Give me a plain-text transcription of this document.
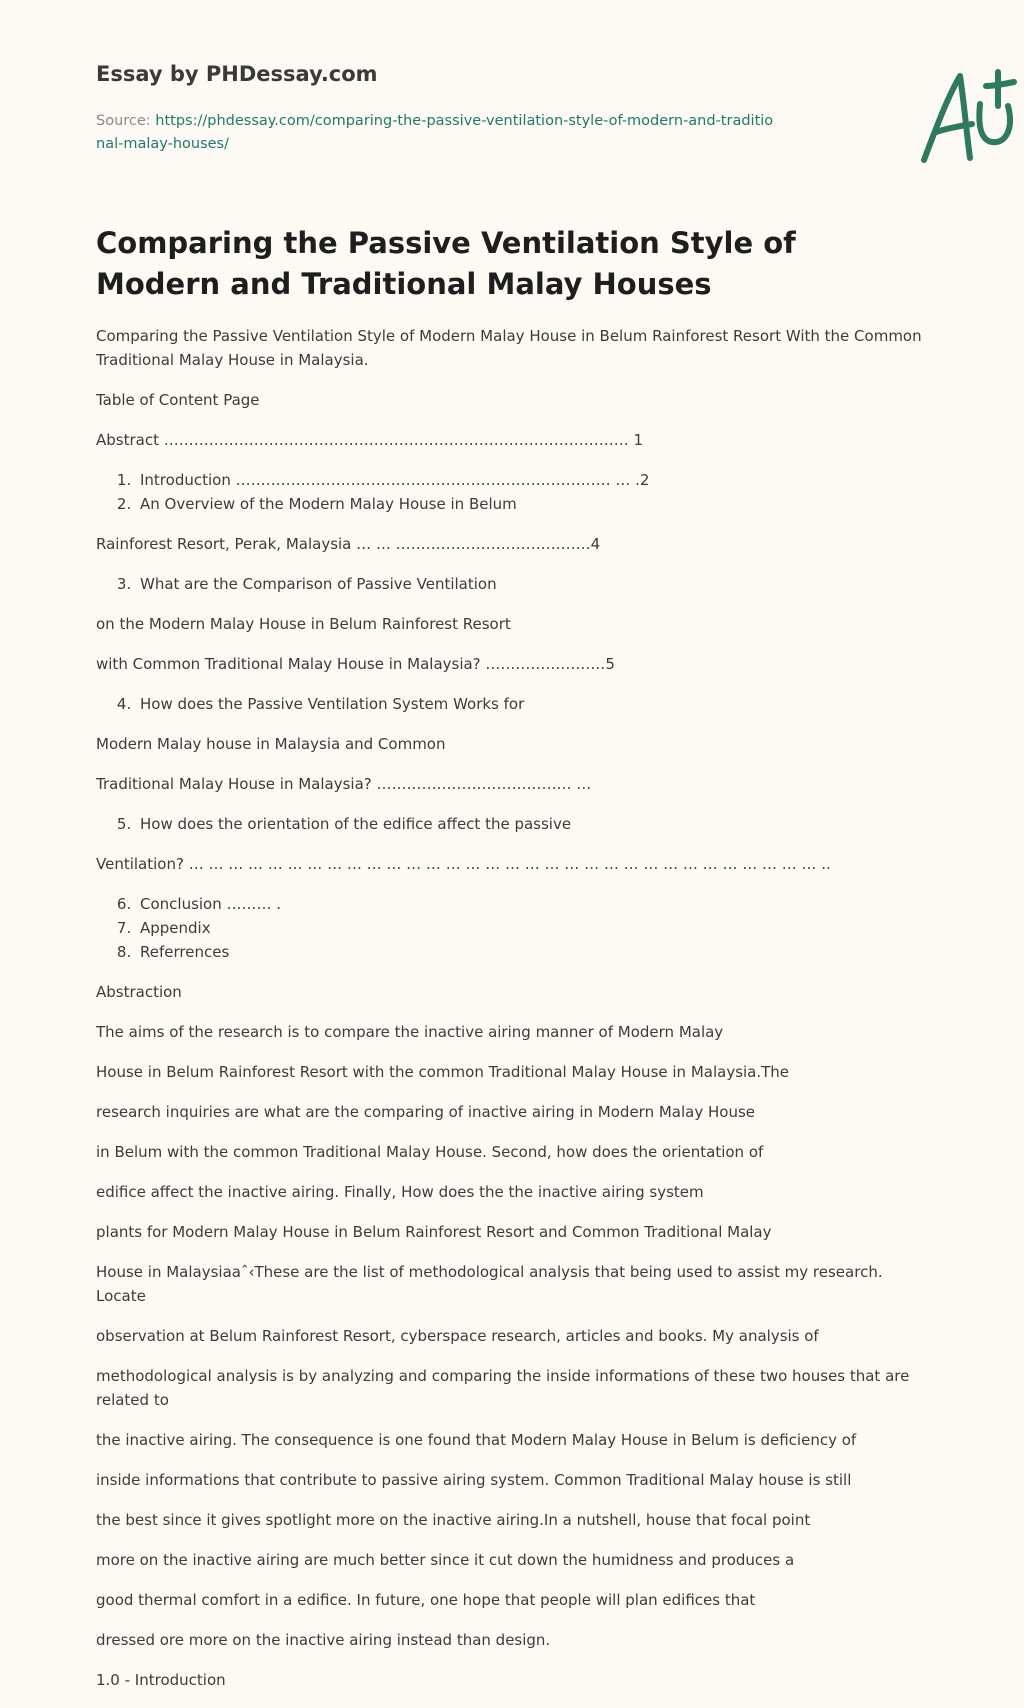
Essay by PHDessay.com

Source: https://phdessay.com/comparing-the-passive-ventilation-style-of-modern-and-traditional-malay-houses/
Comparing the Passive Ventilation Style of Modern and Traditional Malay Houses

Comparing the Passive Ventilation Style of Modern Malay House in Belum Rainforest Resort With the Common Traditional Malay House in Malaysia.

Table of Content Page

Abstract ………………………………………………………………………………… 1

1. Introduction ………………………………………………………………… … .2
2. An Overview of the Modern Malay House in Belum

Rainforest Resort, Perak, Malaysia … … …………………………………4

3. What are the Comparison of Passive Ventilation

on the Modern Malay House in Belum Rainforest Resort

with Common Traditional Malay House in Malaysia? ……………………5

4. How does the Passive Ventilation System Works for

Modern Malay house in Malaysia and Common

Traditional Malay House in Malaysia? ………………………………… …

5. How does the orientation of the edifice affect the passive

Ventilation? … … … … … … … … … … … … … … … … … … … … … … … … … … … … … … … … ..

6. Conclusion ……… .
7. Appendix
8. Referrences

Abstraction

The aims of the research is to compare the inactive airing manner of Modern Malay

House in Belum Rainforest Resort with the common Traditional Malay House in Malaysia.The

research inquiries are what are the comparing of inactive airing in Modern Malay House

in Belum with the common Traditional Malay House. Second, how does the orientation of

edifice affect the inactive airing. Finally, How does the the inactive airing system

plants for Modern Malay House in Belum Rainforest Resort and Common Traditional Malay

House in Malaysiaaˆ‹These are the list of methodological analysis that being used to assist my research. Locate

observation at Belum Rainforest Resort, cyberspace research, articles and books. My analysis of

methodological analysis is by analyzing and comparing the inside informations of these two houses that are related to

the inactive airing. The consequence is one found that Modern Malay House in Belum is deficiency of

inside informations that contribute to passive airing system. Common Traditional Malay house is still

the best since it gives spotlight more on the inactive airing.In a nutshell, house that focal point

more on the inactive airing are much better since it cut down the humidness and produces a

good thermal comfort in a edifice. In future, one hope that people will plan edifices that

dressed ore more on the inactive airing instead than design.

1.0 - Introduction
